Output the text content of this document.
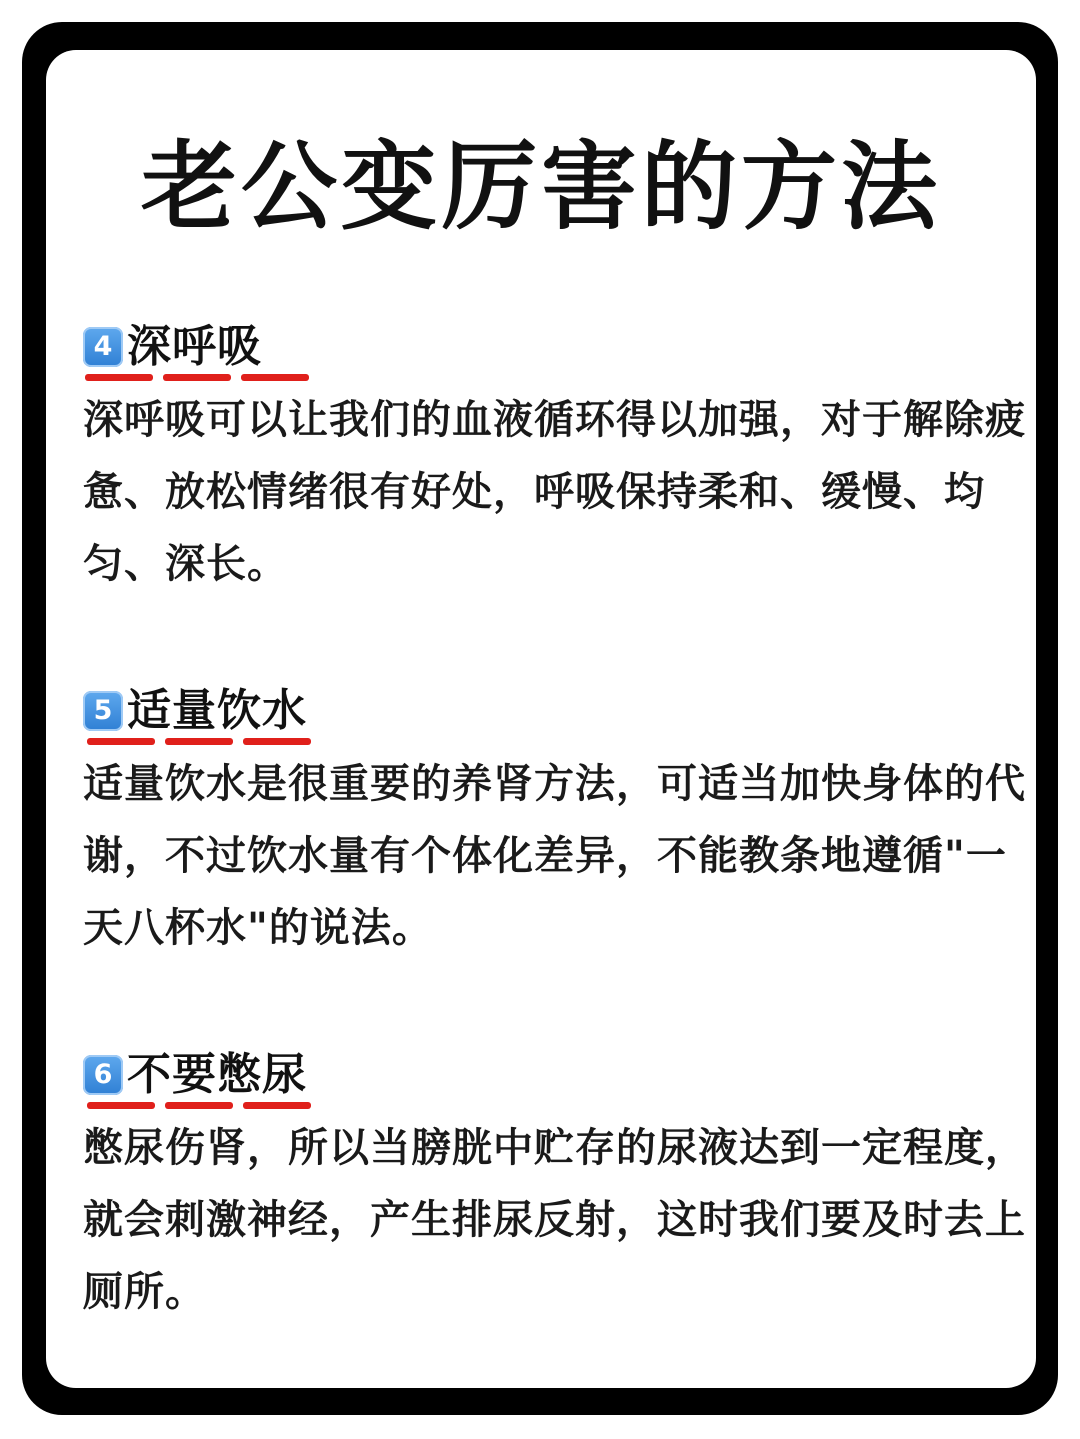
老公变厉害的方法
4 深呼吸
深呼吸可以让我们的血液循环得以加强，对于解除疲惫、放松情绪很有好处，呼吸保持柔和、缓慢、均匀、深长。
5 适量饮水
适量饮水是很重要的养肾方法，可适当加快身体的代谢，不过饮水量有个体化差异，不能教条地遵循"一天八杯水"的说法。
6 不要憋尿
憋尿伤肾，所以当膀胱中贮存的尿液达到一定程度，就会刺激神经，产生排尿反射，这时我们要及时去上厕所。
